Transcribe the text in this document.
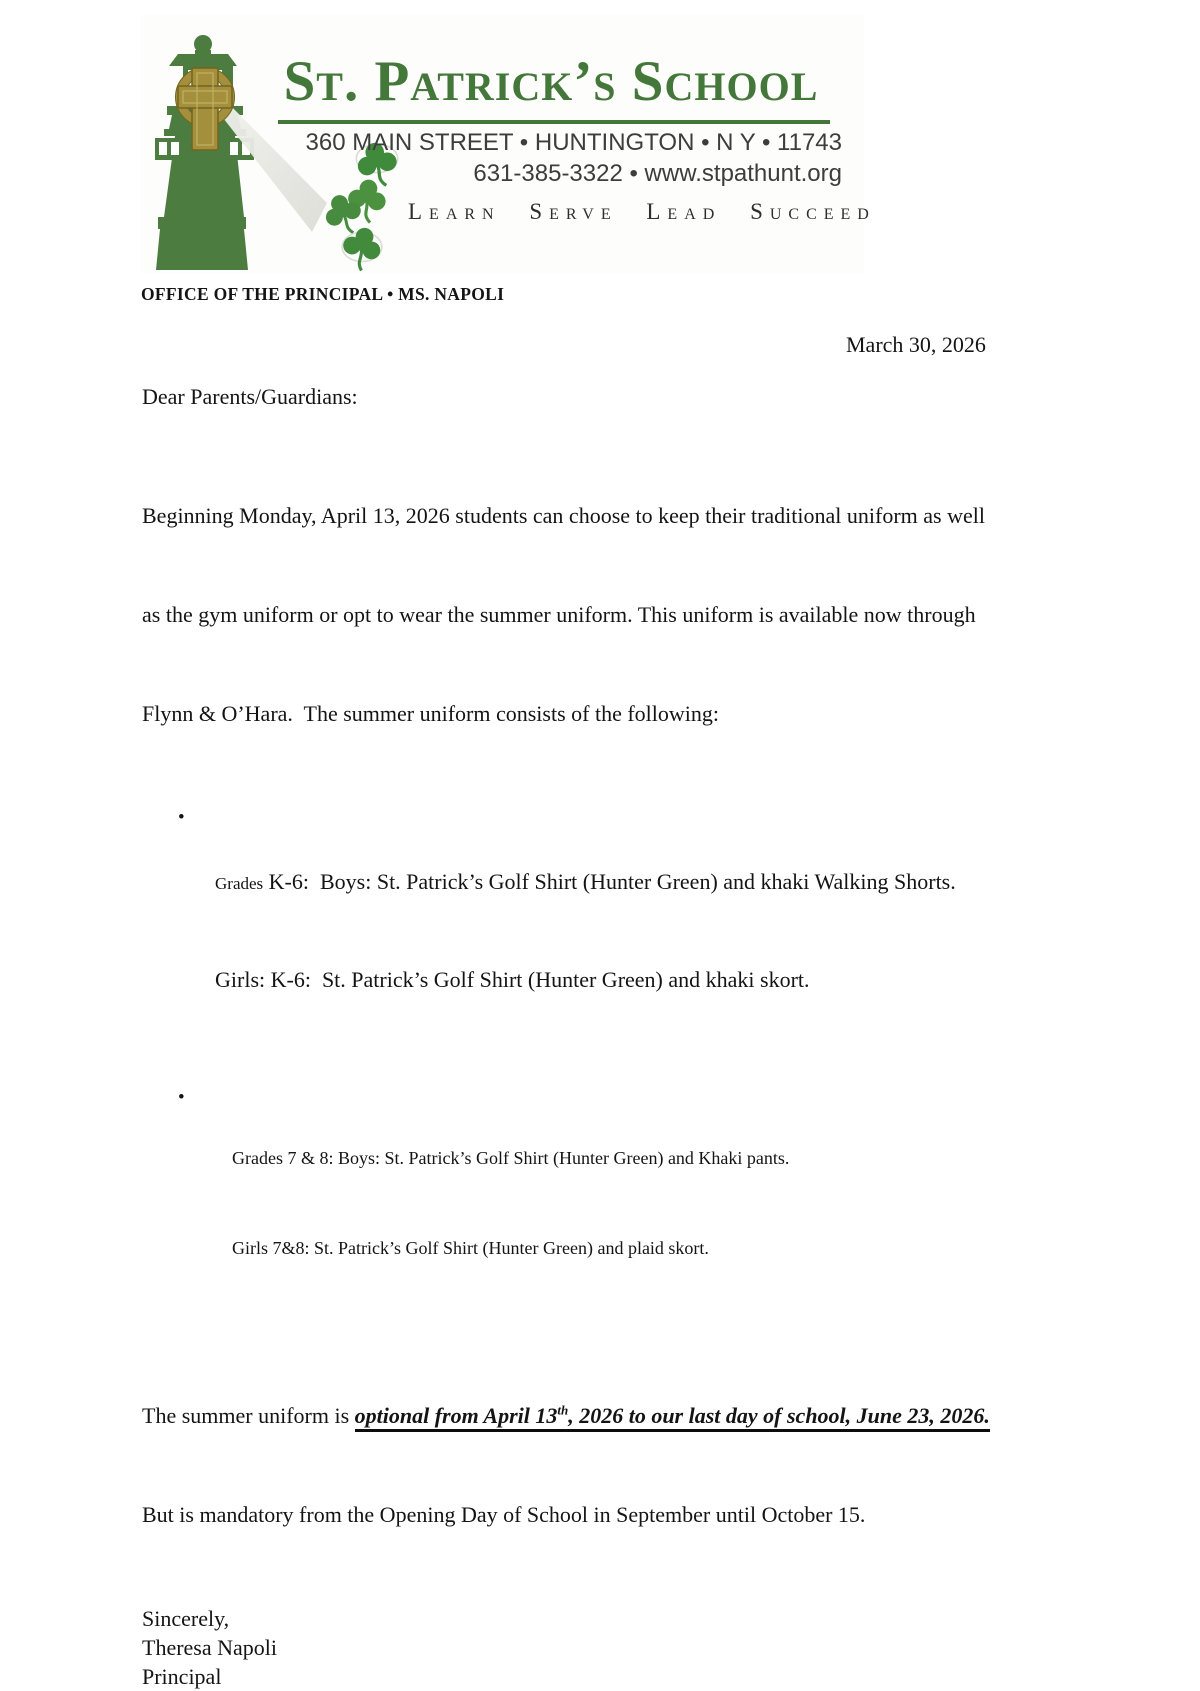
St. Patrick’s School
360 MAIN STREET • HUNTINGTON • N Y • 11743
631-385-3322 • www.stpathunt.org
Learn Serve Lead Succeed
OFFICE OF THE PRINCIPAL • MS. NAPOLI
March 30, 2026
Dear Parents/Guardians:

Beginning Monday, April 13, 2026 students can choose to keep their traditional uniform as well

as the gym uniform or opt to wear the summer uniform. This uniform is available now through

Flynn & O’Hara.  The summer uniform consists of the following:

•

Grades K-6:  Boys: St. Patrick’s Golf Shirt (Hunter Green) and khaki Walking Shorts.

Girls: K-6:  St. Patrick’s Golf Shirt (Hunter Green) and khaki skort.

•

Grades 7 & 8: Boys: St. Patrick’s Golf Shirt (Hunter Green) and Khaki pants.

Girls 7&8: St. Patrick’s Golf Shirt (Hunter Green) and plaid skort.

The summer uniform is optional from April 13th, 2026 to our last day of school, June 23, 2026.

But is mandatory from the Opening Day of School in September until October 15.

Sincerely,
Theresa Napoli
Principal
